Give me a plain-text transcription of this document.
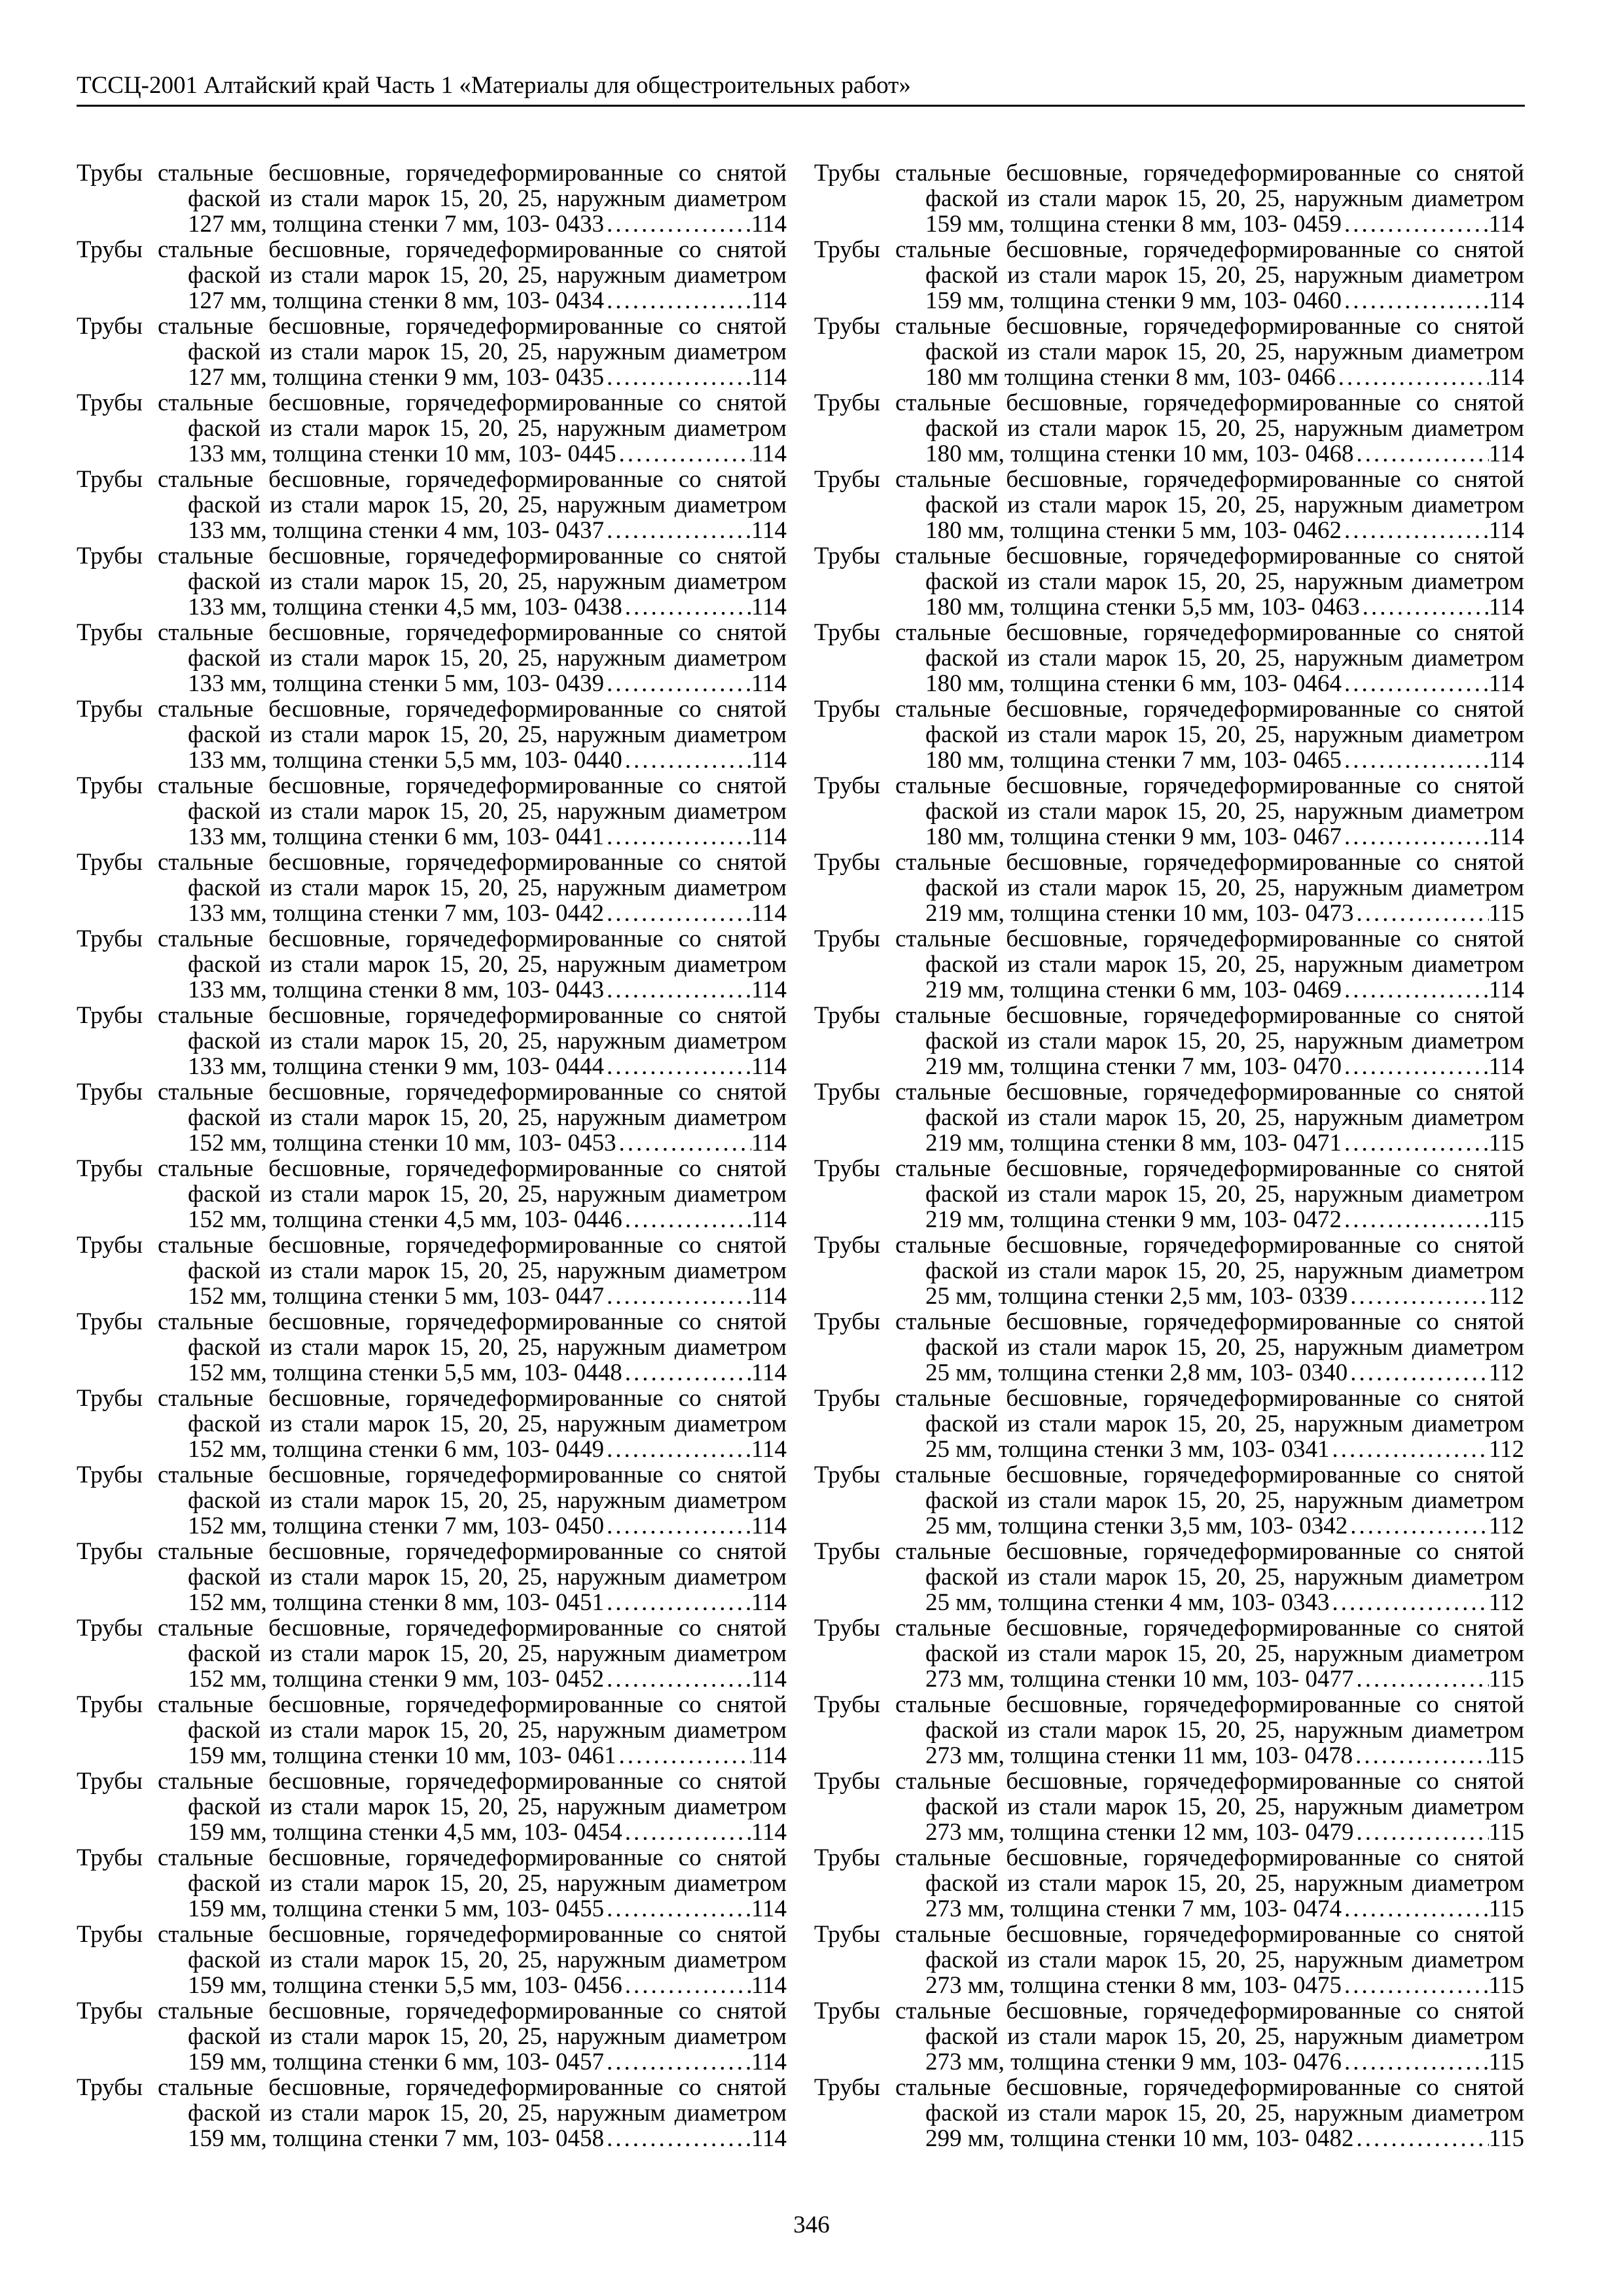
ТССЦ-2001 Алтайский край Часть 1 «Материалы для общестроительных работ»
Трубы стальные бесшовные, горячедеформированные со снятой
фаской из стали марок 15, 20, 25, наружным диаметром
127 мм, толщина стенки 7 мм, 103- 0433 .....	114
Трубы стальные бесшовные, горячедеформированные со снятой
фаской из стали марок 15, 20, 25, наружным диаметром
127 мм, толщина стенки 8 мм, 103- 0434 .....	114
Трубы стальные бесшовные, горячедеформированные со снятой
фаской из стали марок 15, 20, 25, наружным диаметром
127 мм, толщина стенки 9 мм, 103- 0435 .....	114
Трубы стальные бесшовные, горячедеформированные со снятой
фаской из стали марок 15, 20, 25, наружным диаметром
133 мм, толщина стенки 10 мм, 103- 0445 .....	114
Трубы стальные бесшовные, горячедеформированные со снятой
фаской из стали марок 15, 20, 25, наружным диаметром
133 мм, толщина стенки 4 мм, 103- 0437 .....	114
Трубы стальные бесшовные, горячедеформированные со снятой
фаской из стали марок 15, 20, 25, наружным диаметром
133 мм, толщина стенки 4,5 мм, 103- 0438 .....	114
Трубы стальные бесшовные, горячедеформированные со снятой
фаской из стали марок 15, 20, 25, наружным диаметром
133 мм, толщина стенки 5 мм, 103- 0439 .....	114
Трубы стальные бесшовные, горячедеформированные со снятой
фаской из стали марок 15, 20, 25, наружным диаметром
133 мм, толщина стенки 5,5 мм, 103- 0440 .....	114
Трубы стальные бесшовные, горячедеформированные со снятой
фаской из стали марок 15, 20, 25, наружным диаметром
133 мм, толщина стенки 6 мм, 103- 0441 .....	114
Трубы стальные бесшовные, горячедеформированные со снятой
фаской из стали марок 15, 20, 25, наружным диаметром
133 мм, толщина стенки 7 мм, 103- 0442 .....	114
Трубы стальные бесшовные, горячедеформированные со снятой
фаской из стали марок 15, 20, 25, наружным диаметром
133 мм, толщина стенки 8 мм, 103- 0443 .....	114
Трубы стальные бесшовные, горячедеформированные со снятой
фаской из стали марок 15, 20, 25, наружным диаметром
133 мм, толщина стенки 9 мм, 103- 0444 .....	114
Трубы стальные бесшовные, горячедеформированные со снятой
фаской из стали марок 15, 20, 25, наружным диаметром
152 мм, толщина стенки 10 мм, 103- 0453 .....	114
Трубы стальные бесшовные, горячедеформированные со снятой
фаской из стали марок 15, 20, 25, наружным диаметром
152 мм, толщина стенки 4,5 мм, 103- 0446 .....	114
Трубы стальные бесшовные, горячедеформированные со снятой
фаской из стали марок 15, 20, 25, наружным диаметром
152 мм, толщина стенки 5 мм, 103- 0447 .....	114
Трубы стальные бесшовные, горячедеформированные со снятой
фаской из стали марок 15, 20, 25, наружным диаметром
152 мм, толщина стенки 5,5 мм, 103- 0448 .....	114
Трубы стальные бесшовные, горячедеформированные со снятой
фаской из стали марок 15, 20, 25, наружным диаметром
152 мм, толщина стенки 6 мм, 103- 0449 .....	114
Трубы стальные бесшовные, горячедеформированные со снятой
фаской из стали марок 15, 20, 25, наружным диаметром
152 мм, толщина стенки 7 мм, 103- 0450 .....	114
Трубы стальные бесшовные, горячедеформированные со снятой
фаской из стали марок 15, 20, 25, наружным диаметром
152 мм, толщина стенки 8 мм, 103- 0451 .....	114
Трубы стальные бесшовные, горячедеформированные со снятой
фаской из стали марок 15, 20, 25, наружным диаметром
152 мм, толщина стенки 9 мм, 103- 0452 .....	114
Трубы стальные бесшовные, горячедеформированные со снятой
фаской из стали марок 15, 20, 25, наружным диаметром
159 мм, толщина стенки 10 мм, 103- 0461 .....	114
Трубы стальные бесшовные, горячедеформированные со снятой
фаской из стали марок 15, 20, 25, наружным диаметром
159 мм, толщина стенки 4,5 мм, 103- 0454 .....	114
Трубы стальные бесшовные, горячедеформированные со снятой
фаской из стали марок 15, 20, 25, наружным диаметром
159 мм, толщина стенки 5 мм, 103- 0455 .....	114
Трубы стальные бесшовные, горячедеформированные со снятой
фаской из стали марок 15, 20, 25, наружным диаметром
159 мм, толщина стенки 5,5 мм, 103- 0456 .....	114
Трубы стальные бесшовные, горячедеформированные со снятой
фаской из стали марок 15, 20, 25, наружным диаметром
159 мм, толщина стенки 6 мм, 103- 0457 .....	114
Трубы стальные бесшовные, горячедеформированные со снятой
фаской из стали марок 15, 20, 25, наружным диаметром
159 мм, толщина стенки 7 мм, 103- 0458 .....	114
Трубы стальные бесшовные, горячедеформированные со снятой
фаской из стали марок 15, 20, 25, наружным диаметром
159 мм, толщина стенки 8 мм, 103- 0459 .....	114
Трубы стальные бесшовные, горячедеформированные со снятой
фаской из стали марок 15, 20, 25, наружным диаметром
159 мм, толщина стенки 9 мм, 103- 0460 .....	114
Трубы стальные бесшовные, горячедеформированные со снятой
фаской из стали марок 15, 20, 25, наружным диаметром
180 мм толщина стенки 8 мм, 103- 0466 .....	114
Трубы стальные бесшовные, горячедеформированные со снятой
фаской из стали марок 15, 20, 25, наружным диаметром
180 мм, толщина стенки 10 мм, 103- 0468 .....	114
Трубы стальные бесшовные, горячедеформированные со снятой
фаской из стали марок 15, 20, 25, наружным диаметром
180 мм, толщина стенки 5 мм, 103- 0462 .....	114
Трубы стальные бесшовные, горячедеформированные со снятой
фаской из стали марок 15, 20, 25, наружным диаметром
180 мм, толщина стенки 5,5 мм, 103- 0463 .....	114
Трубы стальные бесшовные, горячедеформированные со снятой
фаской из стали марок 15, 20, 25, наружным диаметром
180 мм, толщина стенки 6 мм, 103- 0464 .....	114
Трубы стальные бесшовные, горячедеформированные со снятой
фаской из стали марок 15, 20, 25, наружным диаметром
180 мм, толщина стенки 7 мм, 103- 0465 .....	114
Трубы стальные бесшовные, горячедеформированные со снятой
фаской из стали марок 15, 20, 25, наружным диаметром
180 мм, толщина стенки 9 мм, 103- 0467 .....	114
Трубы стальные бесшовные, горячедеформированные со снятой
фаской из стали марок 15, 20, 25, наружным диаметром
219 мм, толщина стенки 10 мм, 103- 0473 .....	115
Трубы стальные бесшовные, горячедеформированные со снятой
фаской из стали марок 15, 20, 25, наружным диаметром
219 мм, толщина стенки 6 мм, 103- 0469 .....	114
Трубы стальные бесшовные, горячедеформированные со снятой
фаской из стали марок 15, 20, 25, наружным диаметром
219 мм, толщина стенки 7 мм, 103- 0470 .....	114
Трубы стальные бесшовные, горячедеформированные со снятой
фаской из стали марок 15, 20, 25, наружным диаметром
219 мм, толщина стенки 8 мм, 103- 0471 .....	115
Трубы стальные бесшовные, горячедеформированные со снятой
фаской из стали марок 15, 20, 25, наружным диаметром
219 мм, толщина стенки 9 мм, 103- 0472 .....	115
Трубы стальные бесшовные, горячедеформированные со снятой
фаской из стали марок 15, 20, 25, наружным диаметром
25 мм, толщина стенки 2,5 мм, 103- 0339 .....	112
Трубы стальные бесшовные, горячедеформированные со снятой
фаской из стали марок 15, 20, 25, наружным диаметром
25 мм, толщина стенки 2,8 мм, 103- 0340 .....	112
Трубы стальные бесшовные, горячедеформированные со снятой
фаской из стали марок 15, 20, 25, наружным диаметром
25 мм, толщина стенки 3 мм, 103- 0341 .....	112
Трубы стальные бесшовные, горячедеформированные со снятой
фаской из стали марок 15, 20, 25, наружным диаметром
25 мм, толщина стенки 3,5 мм, 103- 0342 .....	112
Трубы стальные бесшовные, горячедеформированные со снятой
фаской из стали марок 15, 20, 25, наружным диаметром
25 мм, толщина стенки 4 мм, 103- 0343 .....	112
Трубы стальные бесшовные, горячедеформированные со снятой
фаской из стали марок 15, 20, 25, наружным диаметром
273 мм, толщина стенки 10 мм, 103- 0477 .....	115
Трубы стальные бесшовные, горячедеформированные со снятой
фаской из стали марок 15, 20, 25, наружным диаметром
273 мм, толщина стенки 11 мм, 103- 0478 .....	115
Трубы стальные бесшовные, горячедеформированные со снятой
фаской из стали марок 15, 20, 25, наружным диаметром
273 мм, толщина стенки 12 мм, 103- 0479 .....	115
Трубы стальные бесшовные, горячедеформированные со снятой
фаской из стали марок 15, 20, 25, наружным диаметром
273 мм, толщина стенки 7 мм, 103- 0474 .....	115
Трубы стальные бесшовные, горячедеформированные со снятой
фаской из стали марок 15, 20, 25, наружным диаметром
273 мм, толщина стенки 8 мм, 103- 0475 .....	115
Трубы стальные бесшовные, горячедеформированные со снятой
фаской из стали марок 15, 20, 25, наружным диаметром
273 мм, толщина стенки 9 мм, 103- 0476 .....	115
Трубы стальные бесшовные, горячедеформированные со снятой
фаской из стали марок 15, 20, 25, наружным диаметром
299 мм, толщина стенки 10 мм, 103- 0482 .....	115
346
